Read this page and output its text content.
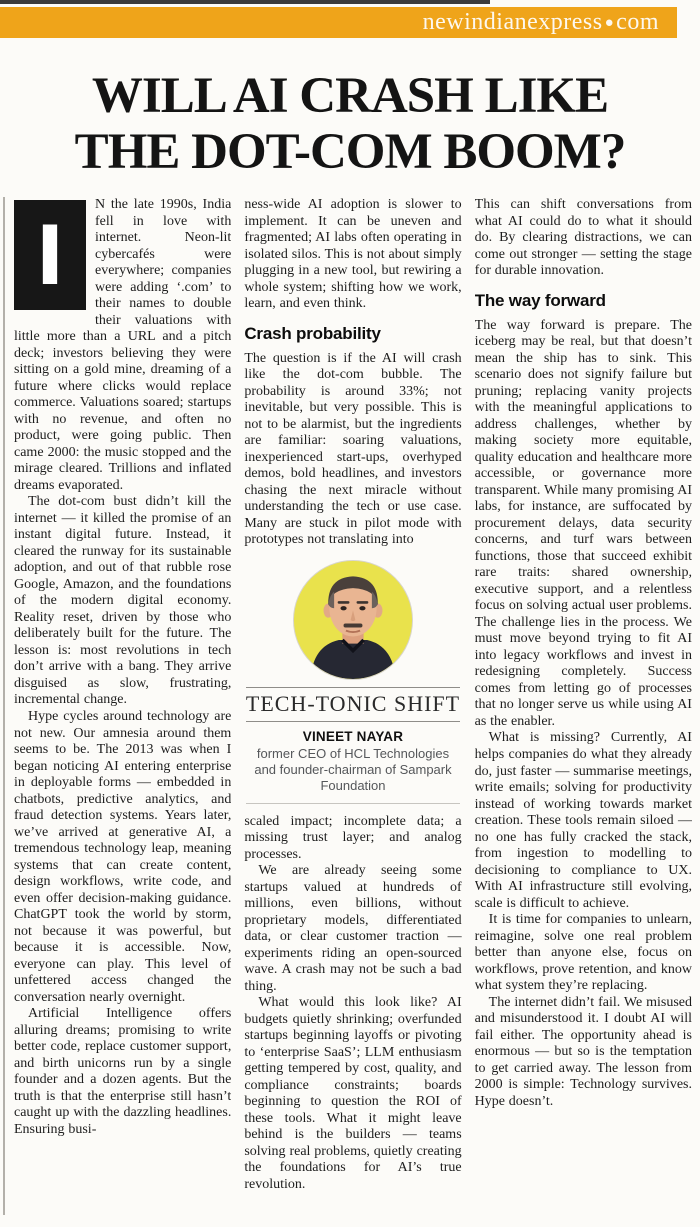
newindianexpress ●com
WILL AI CRASH LIKE
THE DOT-COM BOOM?

I
N the late 1990s, India fell in love with internet. Neon-lit cybercafés were everywhere; companies were adding ‘.com’ to their names to double their valuations with little more than a URL and a pitch deck; investors believing they were sitting on a gold mine, dreaming of a future where clicks would replace commerce. Valuations soared; startups with no revenue, and often no product, were going public. Then came 2000: the music stopped and the mirage cleared. Trillions and inflated dreams evaporated.

The dot-com bust didn’t kill the internet — it killed the promise of an instant digital future. Instead, it cleared the runway for its sustainable adoption, and out of that rubble rose Google, Amazon, and the foundations of the modern digital economy. Reality reset, driven by those who deliberately built for the future. The lesson is: most revolutions in tech don’t arrive with a bang. They arrive disguised as slow, frustrating, incremental change.

Hype cycles around technology are not new. Our amnesia around them seems to be. The 2013 was when I began noticing AI entering enterprise in deployable forms — embedded in chatbots, predictive analytics, and fraud detection systems. Years later, we’ve arrived at generative AI, a tremendous technology leap, meaning systems that can create content, design workflows, write code, and even offer decision-making guidance. ChatGPT took the world by storm, not because it was powerful, but because it is accessible. Now, everyone can play. This level of unfettered access changed the conversation nearly overnight.

Artificial Intelligence offers alluring dreams; promising to write better code, replace customer support, and birth unicorns run by a single founder and a dozen agents. But the truth is that the enterprise still hasn’t caught up with the dazzling headlines. Ensuring busi-

ness-wide AI adoption is slower to implement. It can be uneven and fragmented; AI labs often operating in isolated silos. This is not about simply plugging in a new tool, but rewiring a whole system; shifting how we work, learn, and even think.

Crash probability

The question is if the AI will crash like the dot-com bubble. The probability is around 33%; not inevitable, but very possible. This is not to be alarmist, but the ingredients are familiar: soaring valuations, inexperienced start-ups, overhyped demos, bold headlines, and investors chasing the next miracle without understanding the tech or use case. Many are stuck in pilot mode with prototypes not translating into

TECH-TONIC SHIFT
VINEET NAYAR
former CEO of HCL Technologies and founder-chairman of Sampark Foundation

scaled impact; incomplete data; a missing trust layer; and analog processes.

We are already seeing some startups valued at hundreds of millions, even billions, without proprietary models, differentiated data, or clear customer traction — experiments riding an open-sourced wave. A crash may not be such a bad thing.

What would this look like? AI budgets quietly shrinking; overfunded startups beginning layoffs or pivoting to ‘enterprise SaaS’; LLM enthusiasm getting tempered by cost, quality, and compliance constraints; boards beginning to question the ROI of these tools. What it might leave behind is the builders — teams solving real problems, quietly creating the foundations for AI’s true revolution.

This can shift conversations from what AI could do to what it should do. By clearing distractions, we can come out stronger — setting the stage for durable innovation.

The way forward

The way forward is prepare. The iceberg may be real, but that doesn’t mean the ship has to sink. This scenario does not signify failure but pruning; replacing vanity projects with the meaningful applications to address challenges, whether by making society more equitable, quality education and healthcare more accessible, or governance more transparent. While many promising AI labs, for instance, are suffocated by procurement delays, data security concerns, and turf wars between functions, those that succeed exhibit rare traits: shared ownership, executive support, and a relentless focus on solving actual user problems. The challenge lies in the process. We must move beyond trying to fit AI into legacy workflows and invest in redesigning completely. Success comes from letting go of processes that no longer serve us while using AI as the enabler.

What is missing? Currently, AI helps companies do what they already do, just faster — summarise meetings, write emails; solving for productivity instead of working towards market creation. These tools remain siloed — no one has fully cracked the stack, from ingestion to modelling to decisioning to compliance to UX. With AI infrastructure still evolving, scale is difficult to achieve.

It is time for companies to unlearn, reimagine, solve one real problem better than anyone else, focus on workflows, prove retention, and know what system they’re replacing.

The internet didn’t fail. We misused and misunderstood it. I doubt AI will fail either. The opportunity ahead is enormous — but so is the temptation to get carried away. The lesson from 2000 is simple: Technology survives. Hype doesn’t.
